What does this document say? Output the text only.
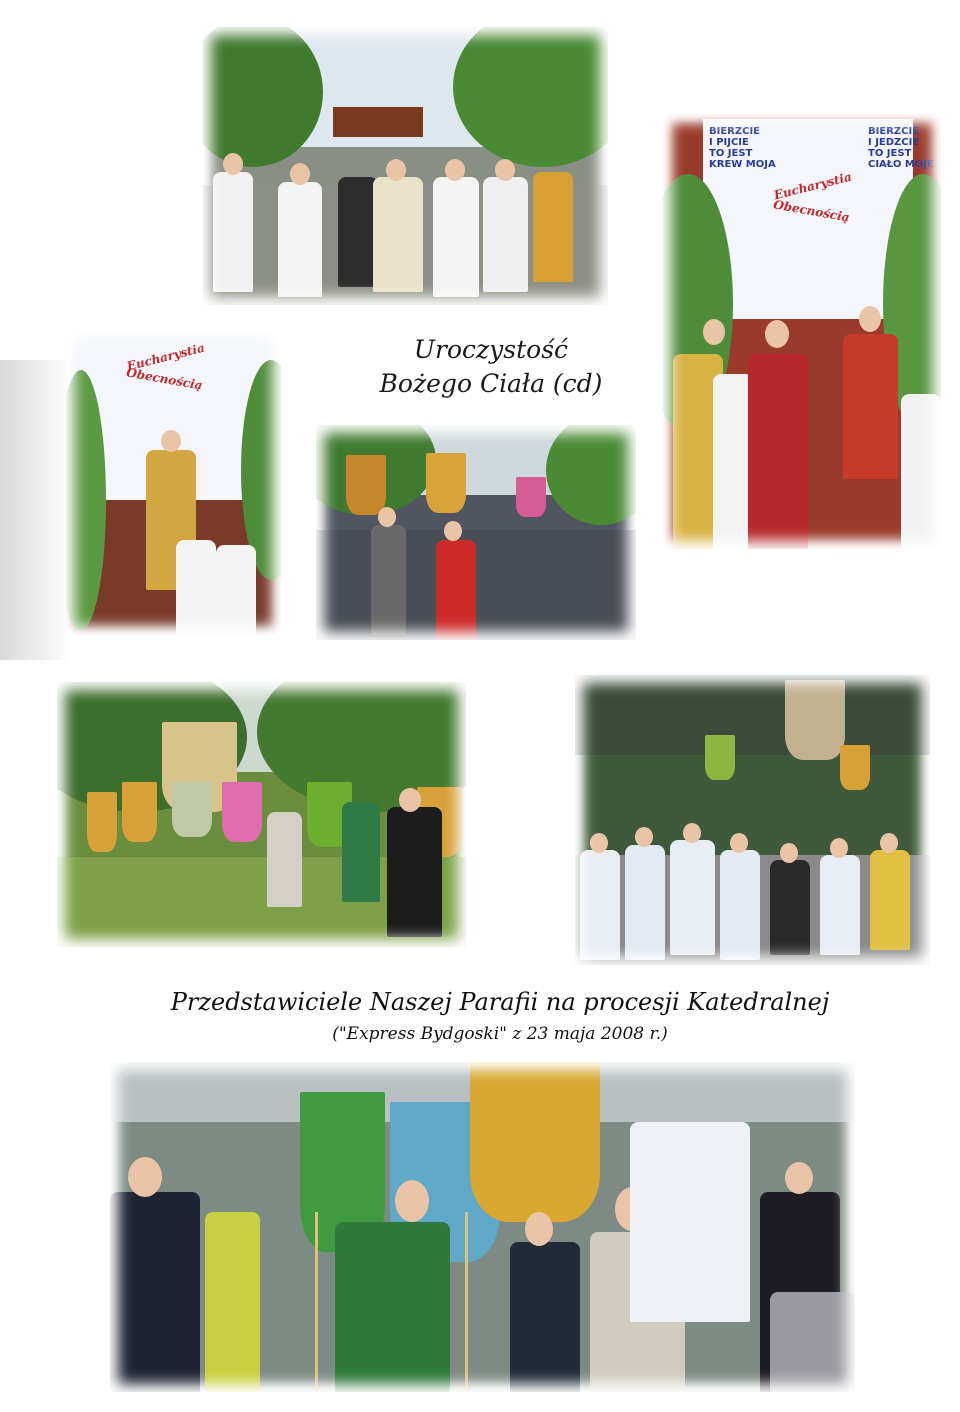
BIERZCIE
I PIJCIE
TO JEST
KREW MOJA
BIERZCIE
I JEDZCIE
TO JEST
CIAŁO MOJE
Eucharystia
Obecnością
Eucharystia
Obecnością
Uroczystość
Bożego Ciała (cd)
Przedstawiciele Naszej Parafii na procesji Katedralnej
("Express Bydgoski" z 23 maja 2008 r.)
